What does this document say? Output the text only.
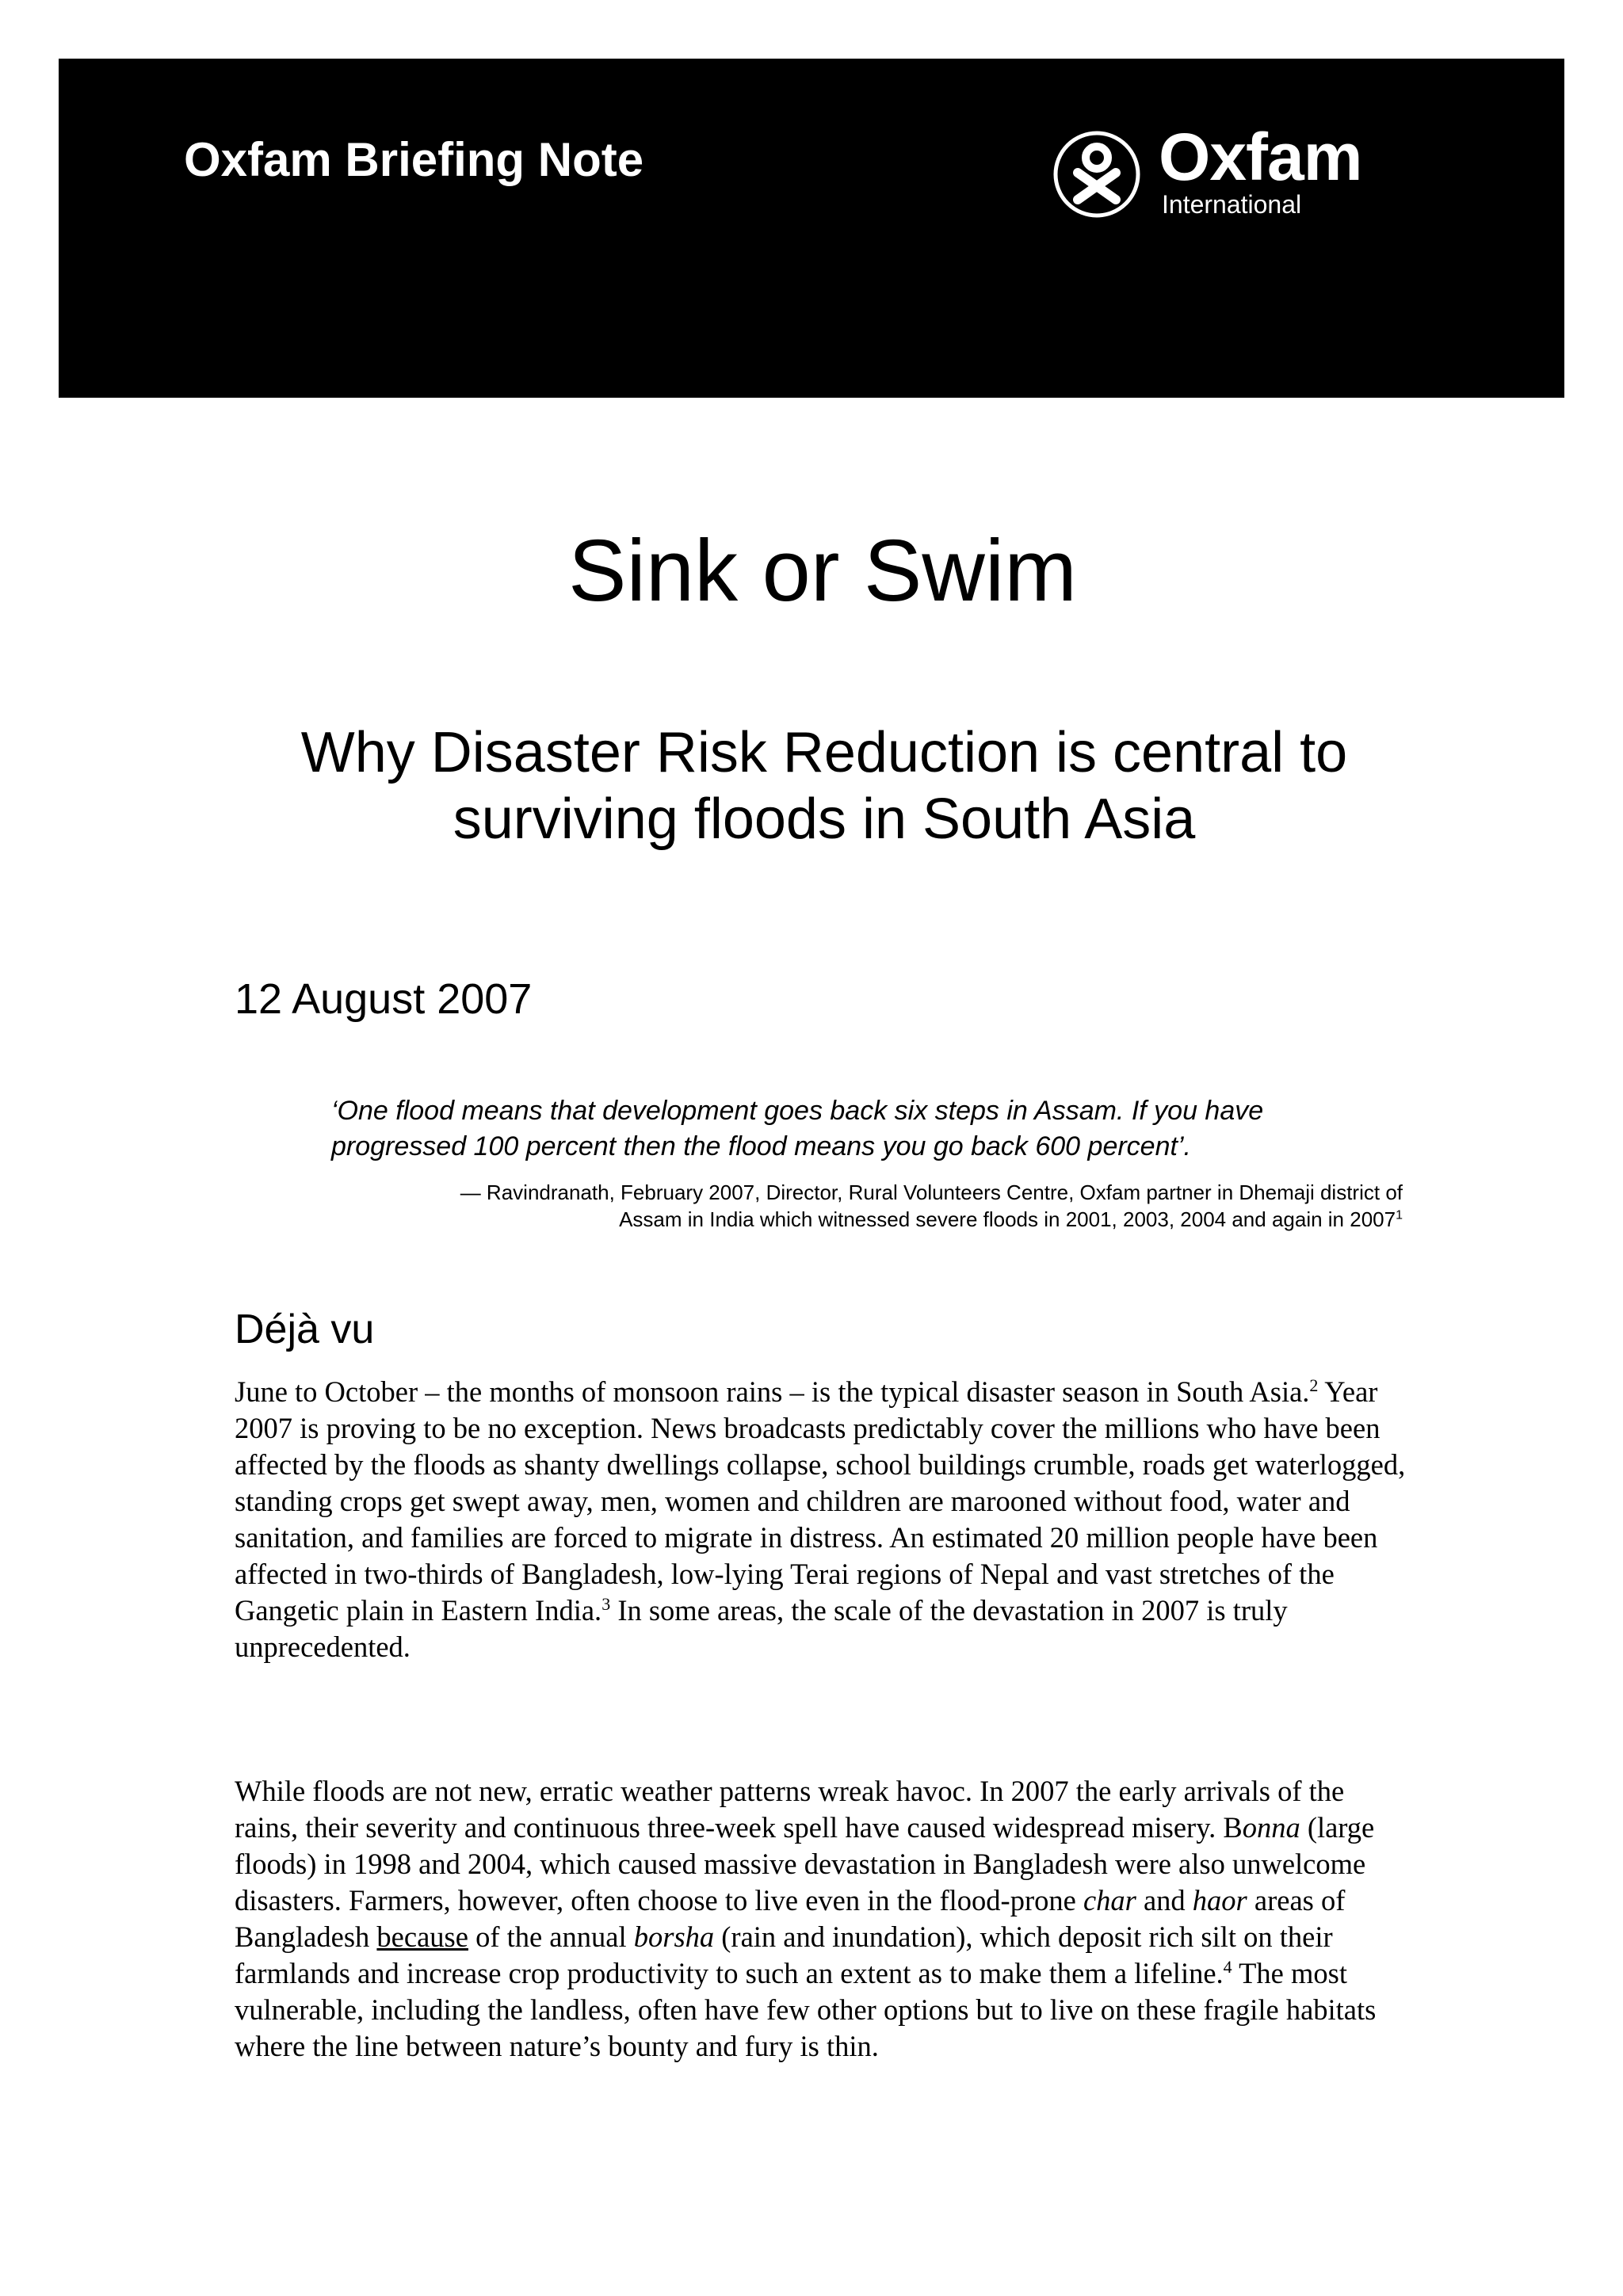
Oxfam Briefing Note	Oxfam
International
Sink or Swim
Why Disaster Risk Reduction is central to
surviving floods in South Asia
12 August 2007

‘One flood means that development goes back six steps in Assam. If you have
progressed 100 percent then the flood means you go back 600 percent’.

— Ravindranath, February 2007, Director, Rural Volunteers Centre, Oxfam partner in Dhemaji district of
Assam in India which witnessed severe floods in 2001, 2003, 2004 and again in 2007$^1$

Déjà vu

June to October – the months of monsoon rains – is the typical disaster season in South Asia.$^2$ Year 2007 is proving to be no exception. News broadcasts predictably cover the millions who have been affected by the floods as shanty dwellings collapse, school buildings crumble, roads get waterlogged, standing crops get swept away, men, women and children are marooned without food, water and sanitation, and families are forced to migrate in distress. An estimated 20 million people have been affected in two-thirds of Bangladesh, low-lying Terai regions of Nepal and vast stretches of the Gangetic plain in Eastern India.$^3$ In some areas, the scale of the devastation in 2007 is truly unprecedented.

While floods are not new, erratic weather patterns wreak havoc. In 2007 the early arrivals of the rains, their severity and continuous three-week spell have caused widespread misery. Bonna (large floods) in 1998 and 2004, which caused massive devastation in Bangladesh were also unwelcome disasters. Farmers, however, often choose to live even in the flood-prone char and haor areas of Bangladesh because of the annual borsha (rain and inundation), which deposit rich silt on their farmlands and increase crop productivity to such an extent as to make them a lifeline.$^4$ The most vulnerable, including the landless, often have few other options but to live on these fragile habitats where the line between nature’s bounty and fury is thin.
